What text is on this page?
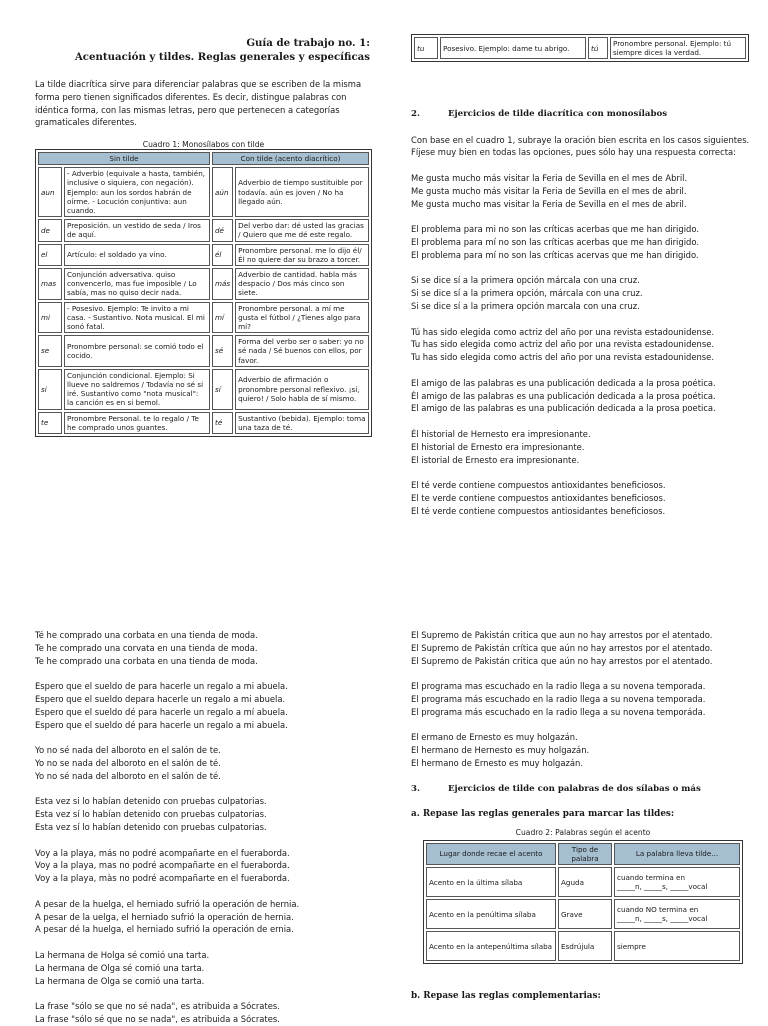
Guía de trabajo no. 1:
Acentuación y tildes. Reglas generales y específicas

La tilde diacrítica sirve para diferenciar palabras que se escriben de la misma forma pero tienen significados diferentes. Es decir, distingue palabras con idéntica forma, con las mismas letras, pero que pertenecen a categorías gramaticales diferentes.

Cuadro 1: Monosílabos con tilde

Sin tilde		Con tilde (acento diacrítico)	
aun	- Adverbio (equivale a hasta, también, inclusive o siquiera, con negación). Ejemplo: aun los sordos habrán de oírme. - Locución conjuntiva: aun cuando.	aún	Adverbio de tiempo sustituible por todavía. aún es joven / No ha llegado aún.
de	Preposición. un vestido de seda / Iros de aquí.	dé	Del verbo dar: dé usted las gracias / Quiero que me dé este regalo.
el	Artículo: el soldado ya vino.	él	Pronombre personal. me lo dijo él/ Él no quiere dar su brazo a torcer.
mas	Conjunción adversativa. quiso convencerlo, mas fue imposible / Lo sabía, mas no quiso decir nada.	más	Adverbio de cantidad. habla más despacio / Dos más cinco son siete.
mi	- Posesivo. Ejemplo: Te invito a mi casa. - Sustantivo. Nota musical. El mi sonó fatal.	mí	Pronombre personal. a mí me gusta el fútbol / ¿Tienes algo para mí?
se	Pronombre personal: se comió todo el cocido.	sé	Forma del verbo ser o saber: yo no sé nada / Sé buenos con ellos, por favor.
si	Conjunción condicional. Ejemplo: Si llueve no saldremos / Todavía no sé si iré. Sustantivo como "nota musical": la canción es en si bemol.	sí	Adverbio de afirmación o pronombre personal reflexivo. ¡sí, quiero! / Solo habla de sí mismo.
te	Pronombre Personal. te lo regalo / Te he comprado unos guantes.	té	Sustantivo (bebida). Ejemplo: toma una taza de té.
tu	Posesivo. Ejemplo: dame tu abrigo.	tú	Pronombre personal. Ejemplo: tú siempre dices la verdad.

2.	Ejercicios de tilde diacrítica con monosílabos

Con base en el cuadro 1, subraye la oración bien escrita en los casos siguientes.

Fíjese muy bien en todas las opciones, pues sólo hay una respuesta correcta:

Me gusta mucho más visitar la Feria de Sevilla en el mes de Abril.

Me gusta mucho más visitar la Feria de Sevilla en el mes de abril.

Me gusta mucho mas visitar la Feria de Sevilla en el mes de abril.

El problema para mi no son las críticas acerbas que me han dirigido.

El problema para mí no son las críticas acerbas que me han dirigido.

El problema para mí no son las críticas acervas que me han dirigido.

Si se dice sí a la primera opción márcala con una cruz.

Si se dice sí a la primera opción, márcala con una cruz.

Si se dice sí a la primera opción marcala con una cruz.

Tú has sido elegida como actriz del año por una revista estadounidense.

Tu has sido elegida como actriz del año por una revista estadounidense.

Tu has sido elegida como actris del año por una revista estadounidense.

El amigo de las palabras es una publicación dedicada a la prosa poética.

Él amigo de las palabras es una publicación dedicada a la prosa poética.

El amigo de las palabras es una publicación dedicada a la prosa poetica.

Él historial de Hernesto era impresionante.

El historial de Ernesto era impresionante.

El istorial de Ernesto era impresionante.

El té verde contiene compuestos antioxidantes beneficiosos.

El te verde contiene compuestos antioxidantes beneficiosos.

El té verde contiene compuestos antiosidantes beneficiosos.

Té he comprado una corbata en una tienda de moda.

Te he comprado una corvata en una tienda de moda.

Te he comprado una corbata en una tienda de moda.

Espero que el sueldo de para hacerle un regalo a mi abuela.

Espero que el sueldo depara hacerle un regalo a mi abuela.

Espero que el sueldo dé para hacerle un regalo a mí abuela.

Espero que el sueldo dé para hacerle un regalo a mi abuela.

Yo no sé nada del alboroto en el salón de te.

Yo no se nada del alboroto en el salón de té.

Yo no sé nada del alboroto en el salón de té.

Esta vez si lo habían detenido con pruebas culpatorias.

Esta vez sí lo habían detenido con pruebas culpatorias.

Esta vez sí lo habían detenido con pruebas culpatorias.

Voy a la playa, más no podré acompañarte en el fueraborda.

Voy a la playa, mas no podré acompañarte en el fueraborda.

Voy a la playa, màs no podré acompañarte en el fueraborda.

A pesar de la huelga, el herniado sufrió la operación de hernia.

A pesar de la uelga, el herniado sufrió la operación de hernia.

A pesar dé la huelga, el herniado sufrió la operación de ernia.

La hermana de Holga sé comió una tarta.

La hermana de Olga sé comió una tarta.

La hermana de Olga se comió una tarta.

La frase "sólo se que no sé nada", es atribuida a Sócrates.

La frase "sólo sé que no se nada", es atribuida a Sócrates.

El Supremo de Pakistán critica que aun no hay arrestos por el atentado.

El Supremo de Pakistán crítica que aún no hay arrestos por el atentado.

El Supremo de Pakistán critica que aún no hay arrestos por el atentado.

El programa mas escuchado en la radio llega a su novena temporada.

El programa más escuchado en la radio llega a su novena temporada.

El programa más escuchado en la radio llega a su novena temporáda.

El ermano de Ernesto es muy holgazán.

El hermano de Hernesto es muy holgazán.

El hermano de Ernesto es muy holgazán.

3.	Ejercicios de tilde con palabras de dos sílabas o más

a. Repase las reglas generales para marcar las tildes:

Cuadro 2: Palabras según el acento

Lugar donde recae el acento	Tipo de palabra	La palabra lleva tilde...
Acento en la última sílaba	Aguda	cuando termina en
_____n, _____s, _____vocal

Acento en la penúltima sílaba	Grave	cuando NO termina en
_____n, _____s, _____vocal

Acento en la antepenúltima sílaba	Esdrújula	siempre

b. Repase las reglas complementarias:
